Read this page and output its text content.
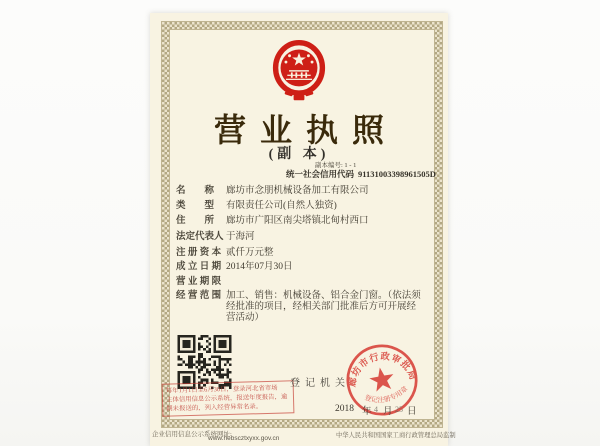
营业执照
(副 本)
副本编号: 1 - 1
统一社会信用代码 91131003398961505D
名　　称	廊坊市念朋机械设备加工有限公司
类　　型	有限责任公司(自然人独资)
住　　所	廊坊市广阳区南尖塔镇北甸村西口
法定代表人 于海河
注 册 资 本 贰仟万元整
成 立 日 期 2014年07月30日
营 业 期 限
经 营 范 围 加工、销售：机械设备、铝合金门窗。（依法须经批准的项目，经相关部门批准后方可开展经营活动）
每年1月1日至6月30日，登录河北省市场
主体信用信息公示系统，报送年度报告，逾
期未报送的，列入经营异常名录。
登记机关
廊坊市行政审批局
登记注册专用章
2018 年 4 月 25 日
企业信用信息公示系统网址:
www.hebscztxyxx.gov.cn	中华人民共和国国家工商行政管理总局监制
